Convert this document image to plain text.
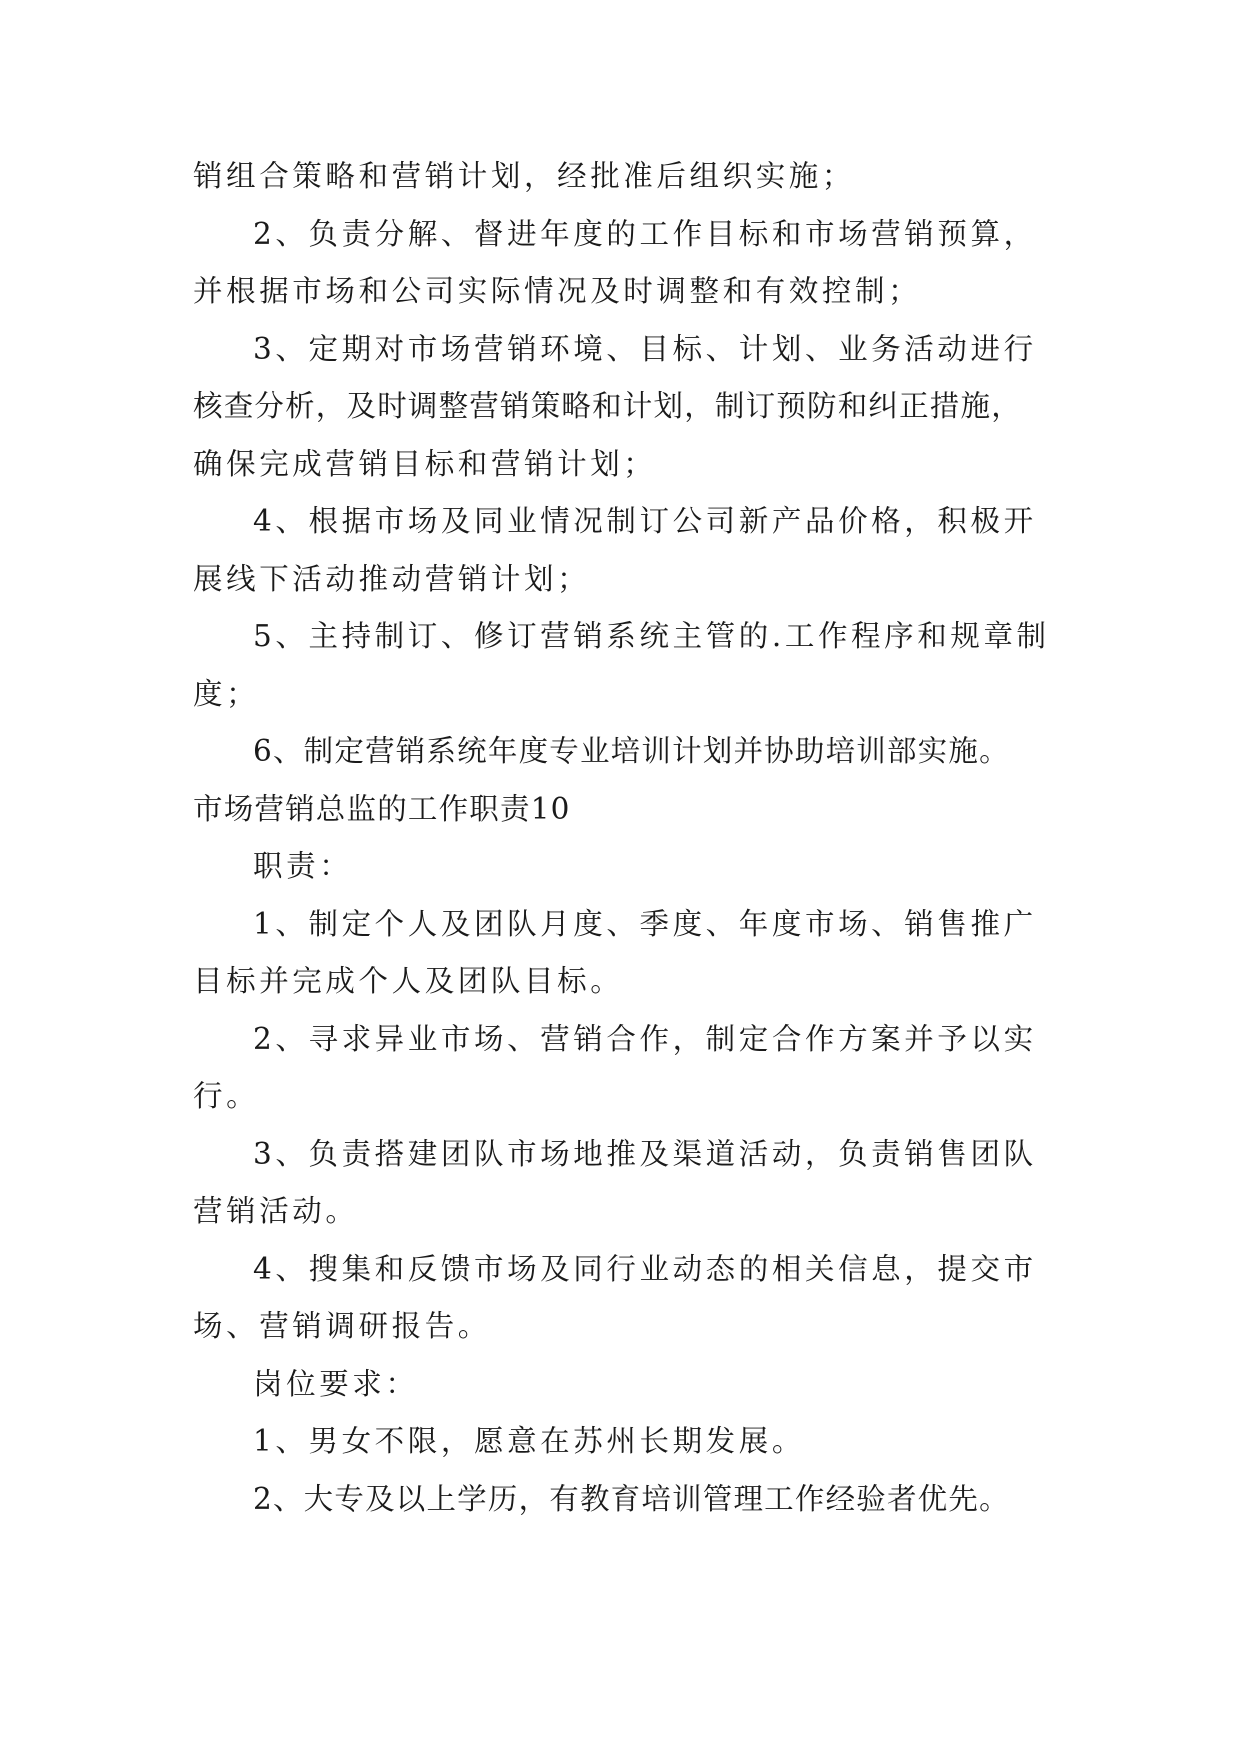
销组合策略和营销计划，经批准后组织实施；
2、负责分解、督进年度的工作目标和市场营销预算，
并根据市场和公司实际情况及时调整和有效控制；
3、定期对市场营销环境、目标、计划、业务活动进行
核查分析，及时调整营销策略和计划，制订预防和纠正措施，
确保完成营销目标和营销计划；
4、根据市场及同业情况制订公司新产品价格，积极开
展线下活动推动营销计划；
5、主持制订、修订营销系统主管的.工作程序和规章制
度；
6、制定营销系统年度专业培训计划并协助培训部实施。
市场营销总监的工作职责10
职责：
1、制定个人及团队月度、季度、年度市场、销售推广
目标并完成个人及团队目标。
2、寻求异业市场、营销合作，制定合作方案并予以实
行。
3、负责搭建团队市场地推及渠道活动，负责销售团队
营销活动。
4、搜集和反馈市场及同行业动态的相关信息，提交市
场、营销调研报告。
岗位要求：
1、男女不限，愿意在苏州长期发展。
2、大专及以上学历，有教育培训管理工作经验者优先。
